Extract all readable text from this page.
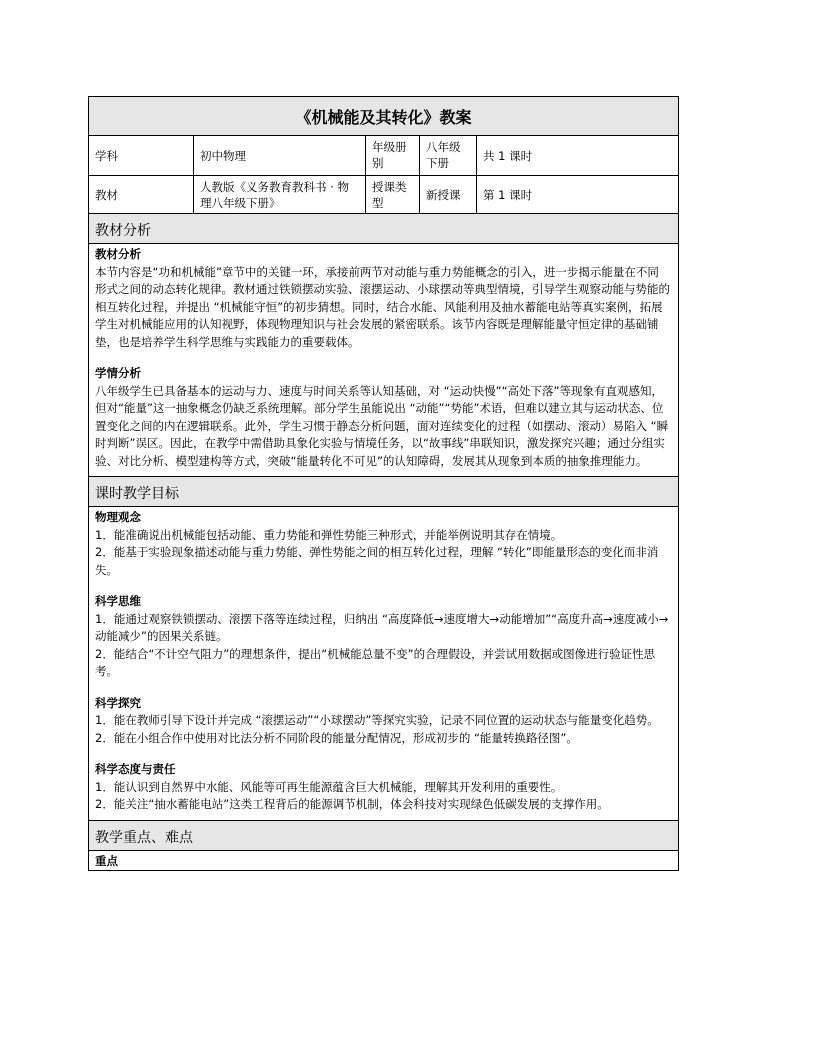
《机械能及其转化》教案
学科	初中物理
年级册别
八年级下册
共 1 课时
教材
人教版《义务教育教科书 · 物理八年级下册》
授课类型
新授课	第 1 课时
教材分析
教材分析

本节内容是“功和机械能”章节中的关键一环，承接前两节对动能与重力势能概念的引入，进一步揭示能量在不同形式之间的动态转化规律。教材通过铁锁摆动实验、滚摆运动、小球摆动等典型情境，引导学生观察动能与势能的相互转化过程，并提出 “机械能守恒”的初步猜想。同时，结合水能、风能利用及抽水蓄能电站等真实案例，拓展学生对机械能应用的认知视野，体现物理知识与社会发展的紧密联系。该节内容既是理解能量守恒定律的基础铺垫，也是培养学生科学思维与实践能力的重要载体。

学情分析

八年级学生已具备基本的运动与力、速度与时间关系等认知基础，对 “运动快慢”“高处下落”等现象有直观感知，但对“能量”这一抽象概念仍缺乏系统理解。部分学生虽能说出 “动能”“势能”术语，但难以建立其与运动状态、位置变化之间的内在逻辑联系。此外，学生习惯于静态分析问题，面对连续变化的过程（如摆动、滚动）易陷入 “瞬时判断”误区。因此，在教学中需借助具象化实验与情境任务，以“故事线”串联知识，激发探究兴趣；通过分组实验、对比分析、模型建构等方式，突破“能量转化不可见”的认知障碍，发展其从现象到本质的抽象推理能力。

课时教学目标
物理观念

1．能准确说出机械能包括动能、重力势能和弹性势能三种形式，并能举例说明其存在情境。

2．能基于实验现象描述动能与重力势能、弹性势能之间的相互转化过程，理解 “转化”即能量形态的变化而非消失。

科学思维

1．能通过观察铁锁摆动、滚摆下落等连续过程，归纳出 “高度降低→速度增大→动能增加”“高度升高→速度减小→动能减少”的因果关系链。

2．能结合“不计空气阻力”的理想条件，提出“机械能总量不变”的合理假设，并尝试用数据或图像进行验证性思考。

科学探究

1．能在教师引导下设计并完成 “滚摆运动”“小球摆动”等探究实验，记录不同位置的运动状态与能量变化趋势。

2．能在小组合作中使用对比法分析不同阶段的能量分配情况，形成初步的 “能量转换路径图”。

科学态度与责任

1．能认识到自然界中水能、风能等可再生能源蕴含巨大机械能，理解其开发利用的重要性。

2．能关注“抽水蓄能电站”这类工程背后的能源调节机制，体会科技对实现绿色低碳发展的支撑作用。

教学重点、难点
重点
